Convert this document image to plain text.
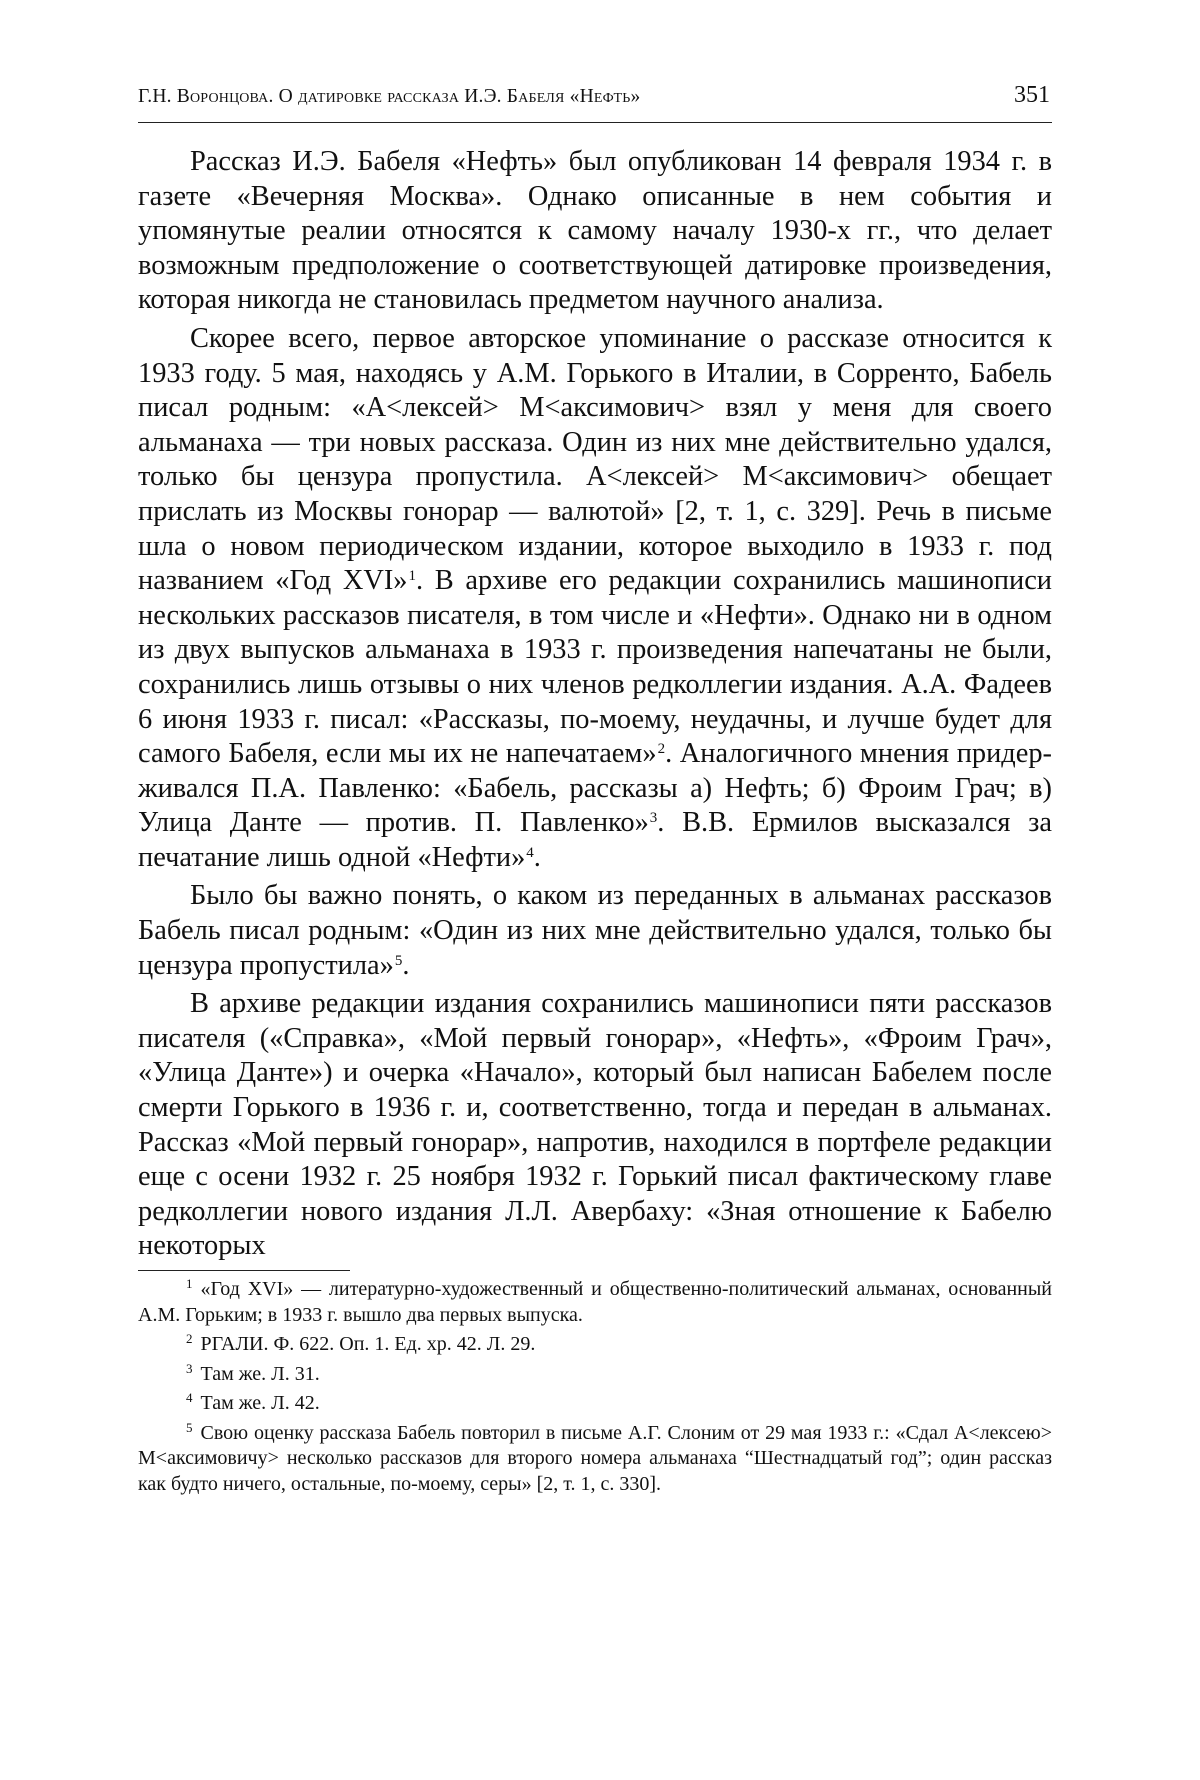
Г.Н. Воронцова. О датировке рассказа И.Э. Бабеля «Нефть»	351

Рассказ И.Э. Бабеля «Нефть» был опубликован 14 февраля 1934 г. в газете «Вечерняя Москва». Однако описанные в нем события и упомянутые реалии относятся к самому началу 1930-х гг., что делает возможным предположение о соответствующей датировке произведения, которая никогда не становилась предметом научного анализа.

Скорее всего, первое авторское упоминание о рассказе относится к 1933 году. 5 мая, находясь у А.М. Горького в Италии, в Сорренто, Бабель писал родным: «А<лексей> М<аксимович> взял у меня для своего альманаха — три новых рассказа. Один из них мне действительно удался, только бы цензура пропустила. А<лексей> М<аксимович> обещает прислать из Москвы гонорар — валютой» [2, т. 1, с. 329]. Речь в письме шла о новом периодическом издании, которое выходило в 1933 г. под названием «Год XVI»$^1$. В архиве его редакции сохранились машинописи нескольких рассказов писателя, в том числе и «Нефти». Однако ни в одном из двух выпусков альманаха в 1933 г. произведения напечатаны не были, сохранились лишь отзывы о них членов редколлегии издания. А.А. Фадеев 6 июня 1933 г. писал: «Рассказы, по-моему, неудачны, и лучше будет для самого Бабеля, если мы их не напечатаем»$^2$. Аналогичного мнения придерживался П.А. Павленко: «Бабель, рассказы а) Нефть; б) Фроим Грач; в) Улица Данте — против. П. Павленко»$^3$. В.В. Ермилов высказался за печатание лишь одной «Нефти»$^4$.

Было бы важно понять, о каком из переданных в альманах рассказов Бабель писал родным: «Один из них мне действительно удался, только бы цензура пропустила»$^5$.

В архиве редакции издания сохранились машинописи пяти рассказов писателя («Справка», «Мой первый гонорар», «Нефть», «Фроим Грач», «Улица Данте») и очерка «Начало», который был написан Бабелем после смерти Горького в 1936 г. и, соответственно, тогда и передан в альманах. Рассказ «Мой первый гонорар», напротив, находился в портфеле редакции еще с осени 1932 г. 25 ноября 1932 г. Горький писал фактическому главе редколлегии нового издания Л.Л. Авербаху: «Зная отношение к Бабелю некоторых

$^1$ «Год XVI» — литературно-художественный и общественно-политический альманах, основанный А.М. Горьким; в 1933 г. вышло два первых выпуска.
$^2$ РГАЛИ. Ф. 622. Оп. 1. Ед. хр. 42. Л. 29.
$^3$ Там же. Л. 31.
$^4$ Там же. Л. 42.
$^5$ Свою оценку рассказа Бабель повторил в письме А.Г. Слоним от 29 мая 1933 г.: «Сдал А<лексею> М<аксимовичу> несколько рассказов для второго номера альманаха “Шестнадцатый год”; один рассказ как будто ничего, остальные, по-моему, серы» [2, т. 1, с. 330].
